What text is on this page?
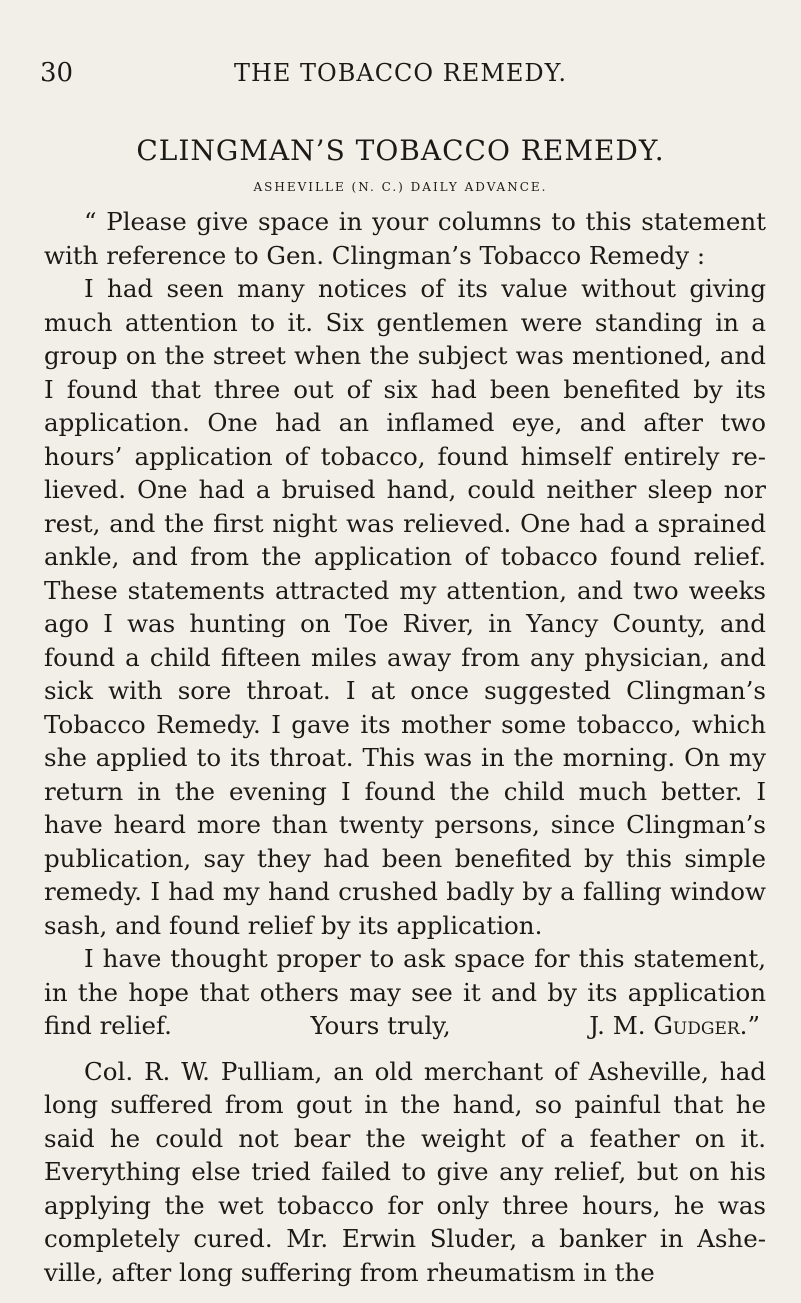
30	THE TOBACCO REMEDY.
CLINGMAN’S TOBACCO REMEDY.
ASHEVILLE (N. C.) DAILY ADVANCE.

“ Please give space in your columns to this statement with reference to Gen. Clingman’s Tobacco Remedy :

I had seen many notices of its value without giving much attention to it. Six gentlemen were standing in a group on the street when the subject was mentioned, and I found that three out of six had been benefited by its application. One had an inflamed eye, and after two hours’ application of tobacco, found himself entirely re- lieved. One had a bruised hand, could neither sleep nor rest, and the first night was relieved. One had a sprained ankle, and from the application of tobacco found relief. These statements attracted my attention, and two weeks ago I was hunting on Toe River, in Yancy County, and found a child fifteen miles away from any physician, and sick with sore throat. I at once suggested Clingman’s Tobacco Remedy. I gave its mother some tobacco, which she applied to its throat. This was in the morning. On my return in the evening I found the child much better. I have heard more than twenty persons, since Clingman’s publication, say they had been benefited by this simple remedy. I had my hand crushed badly by a falling window sash, and found relief by its application.

I have thought proper to ask space for this statement, in the hope that others may see it and by its application

find relief.	Yours truly,	J. M. Gudger.”

Col. R. W. Pulliam, an old merchant of Asheville, had long suffered from gout in the hand, so painful that he said he could not bear the weight of a feather on it. Everything else tried failed to give any relief, but on his applying the wet tobacco for only three hours, he was completely cured. Mr. Erwin Sluder, a banker in Ashe- ville, after long suffering from rheumatism in the
